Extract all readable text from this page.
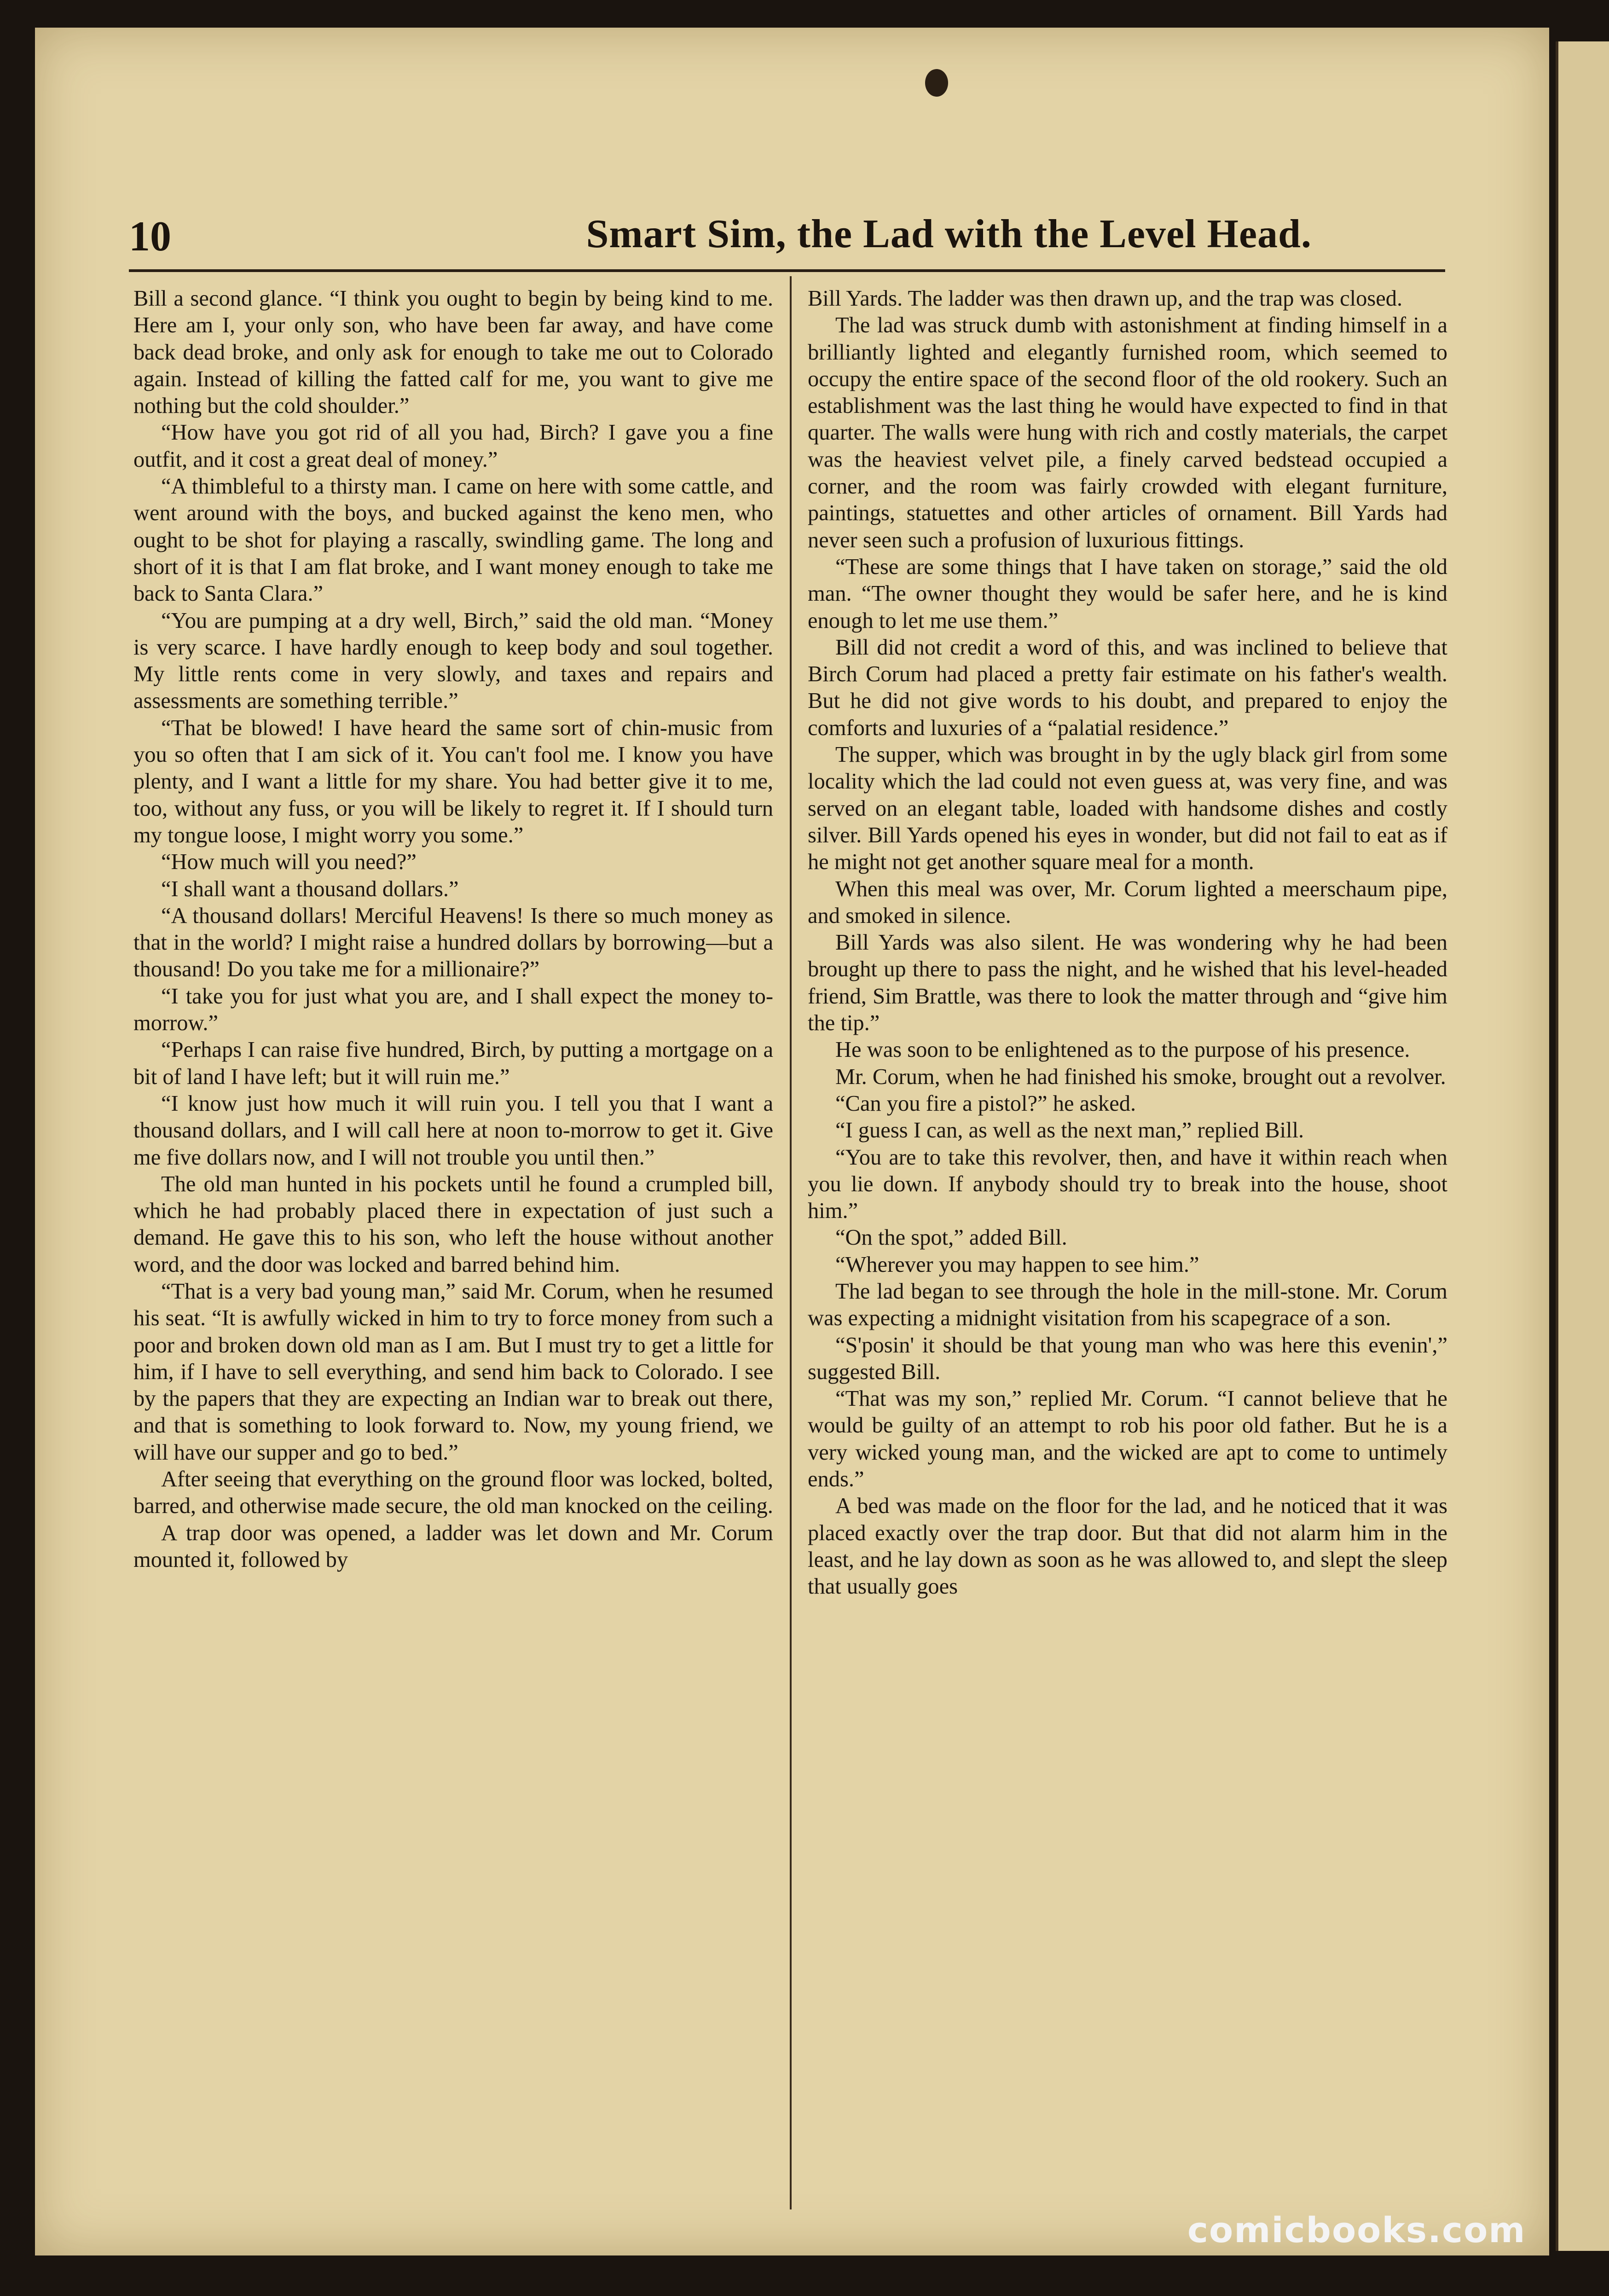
10	Smart Sim, the Lad with the Level Head.

Bill a second glance. “I think you ought to begin by being kind to me. Here am I, your only son, who have been far away, and have come back dead broke, and only ask for enough to take me out to Colorado again. Instead of killing the fatted calf for me, you want to give me nothing but the cold shoulder.”

“How have you got rid of all you had, Birch? I gave you a fine outfit, and it cost a great deal of money.”

“A thimbleful to a thirsty man. I came on here with some cattle, and went around with the boys, and bucked against the keno men, who ought to be shot for playing a rascally, swindling game. The long and short of it is that I am flat broke, and I want money enough to take me back to Santa Clara.”

“You are pumping at a dry well, Birch,” said the old man. “Money is very scarce. I have hardly enough to keep body and soul together. My little rents come in very slowly, and taxes and repairs and assessments are something terrible.”

“That be blowed! I have heard the same sort of chin-music from you so often that I am sick of it. You can't fool me. I know you have plenty, and I want a little for my share. You had better give it to me, too, without any fuss, or you will be likely to regret it. If I should turn my tongue loose, I might worry you some.”

“How much will you need?”

“I shall want a thousand dollars.”

“A thousand dollars! Merciful Heavens! Is there so much money as that in the world? I might raise a hundred dollars by borrowing—but a thousand! Do you take me for a millionaire?”

“I take you for just what you are, and I shall expect the money to-morrow.”

“Perhaps I can raise five hundred, Birch, by putting a mortgage on a bit of land I have left; but it will ruin me.”

“I know just how much it will ruin you. I tell you that I want a thousand dollars, and I will call here at noon to-morrow to get it. Give me five dollars now, and I will not trouble you until then.”

The old man hunted in his pockets until he found a crumpled bill, which he had probably placed there in expectation of just such a demand. He gave this to his son, who left the house without another word, and the door was locked and barred behind him.

“That is a very bad young man,” said Mr. Corum, when he resumed his seat. “It is awfully wicked in him to try to force money from such a poor and broken down old man as I am. But I must try to get a little for him, if I have to sell everything, and send him back to Colorado. I see by the papers that they are expecting an Indian war to break out there, and that is something to look forward to. Now, my young friend, we will have our supper and go to bed.”

After seeing that everything on the ground floor was locked, bolted, barred, and otherwise made secure, the old man knocked on the ceiling.

A trap door was opened, a ladder was let down and Mr. Corum mounted it, followed by

Bill Yards. The ladder was then drawn up, and the trap was closed.

The lad was struck dumb with astonishment at finding himself in a brilliantly lighted and elegantly furnished room, which seemed to occupy the entire space of the second floor of the old rookery. Such an establishment was the last thing he would have expected to find in that quarter. The walls were hung with rich and costly materials, the carpet was the heaviest velvet pile, a finely carved bedstead occupied a corner, and the room was fairly crowded with elegant furniture, paintings, statuettes and other articles of ornament. Bill Yards had never seen such a profusion of luxurious fittings.

“These are some things that I have taken on storage,” said the old man. “The owner thought they would be safer here, and he is kind enough to let me use them.”

Bill did not credit a word of this, and was inclined to believe that Birch Corum had placed a pretty fair estimate on his father's wealth. But he did not give words to his doubt, and prepared to enjoy the comforts and luxuries of a “palatial residence.”

The supper, which was brought in by the ugly black girl from some locality which the lad could not even guess at, was very fine, and was served on an elegant table, loaded with handsome dishes and costly silver. Bill Yards opened his eyes in wonder, but did not fail to eat as if he might not get another square meal for a month.

When this meal was over, Mr. Corum lighted a meerschaum pipe, and smoked in silence.

Bill Yards was also silent. He was wondering why he had been brought up there to pass the night, and he wished that his level-headed friend, Sim Brattle, was there to look the matter through and “give him the tip.”

He was soon to be enlightened as to the purpose of his presence.

Mr. Corum, when he had finished his smoke, brought out a revolver.

“Can you fire a pistol?” he asked.

“I guess I can, as well as the next man,” replied Bill.

“You are to take this revolver, then, and have it within reach when you lie down. If anybody should try to break into the house, shoot him.”

“On the spot,” added Bill.

“Wherever you may happen to see him.”

The lad began to see through the hole in the mill-stone. Mr. Corum was expecting a midnight visitation from his scapegrace of a son.

“S'posin' it should be that young man who was here this evenin',” suggested Bill.

“That was my son,” replied Mr. Corum. “I cannot believe that he would be guilty of an attempt to rob his poor old father. But he is a very wicked young man, and the wicked are apt to come to untimely ends.”

A bed was made on the floor for the lad, and he noticed that it was placed exactly over the trap door. But that did not alarm him in the least, and he lay down as soon as he was allowed to, and slept the sleep that usually goes

comicbooks.com
